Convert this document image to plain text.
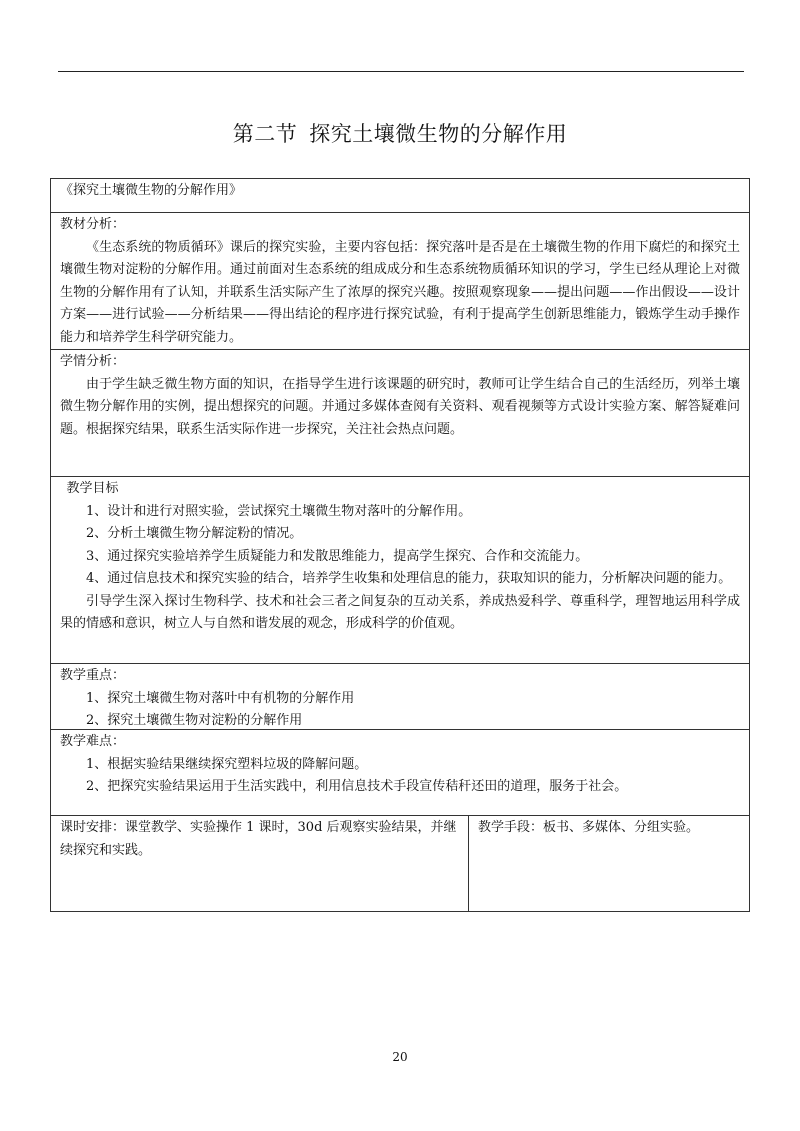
第二节 探究土壤微生物的分解作用
《探究土壤微生物的分解作用》
教材分析：
《生态系统的物质循环》课后的探究实验，主要内容包括：探究落叶是否是在土壤微生物的作用下腐烂的和探究土壤微生物对淀粉的分解作用。通过前面对生态系统的组成成分和生态系统物质循环知识的学习，学生已经从理论上对微生物的分解作用有了认知，并联系生活实际产生了浓厚的探究兴趣。按照观察现象——提出问题——作出假设——设计方案——进行试验——分析结果——得出结论的程序进行探究试验，有利于提高学生创新思维能力，锻炼学生动手操作能力和培养学生科学研究能力。
学情分析：
由于学生缺乏微生物方面的知识，在指导学生进行该课题的研究时，教师可让学生结合自己的生活经历，列举土壤微生物分解作用的实例，提出想探究的问题。并通过多媒体查阅有关资料、观看视频等方式设计实验方案、解答疑难问题。根据探究结果，联系生活实际作进一步探究，关注社会热点问题。
教学目标
1、设计和进行对照实验，尝试探究土壤微生物对落叶的分解作用。
2、分析土壤微生物分解淀粉的情况。
3、通过探究实验培养学生质疑能力和发散思维能力，提高学生探究、合作和交流能力。
4、通过信息技术和探究实验的结合，培养学生收集和处理信息的能力，获取知识的能力，分析解决问题的能力。
引导学生深入探讨生物科学、技术和社会三者之间复杂的互动关系，养成热爱科学、尊重科学，理智地运用科学成果的情感和意识，树立人与自然和谐发展的观念，形成科学的价值观。
教学重点：
1、探究土壤微生物对落叶中有机物的分解作用
2、探究土壤微生物对淀粉的分解作用
教学难点：
1、根据实验结果继续探究塑料垃圾的降解问题。
2、把探究实验结果运用于生活实践中，利用信息技术手段宣传秸秆还田的道理，服务于社会。
课时安排：课堂教学、实验操作 1 课时，30d 后观察实验结果，并继续探究和实践。
教学手段：板书、多媒体、分组实验。
20
